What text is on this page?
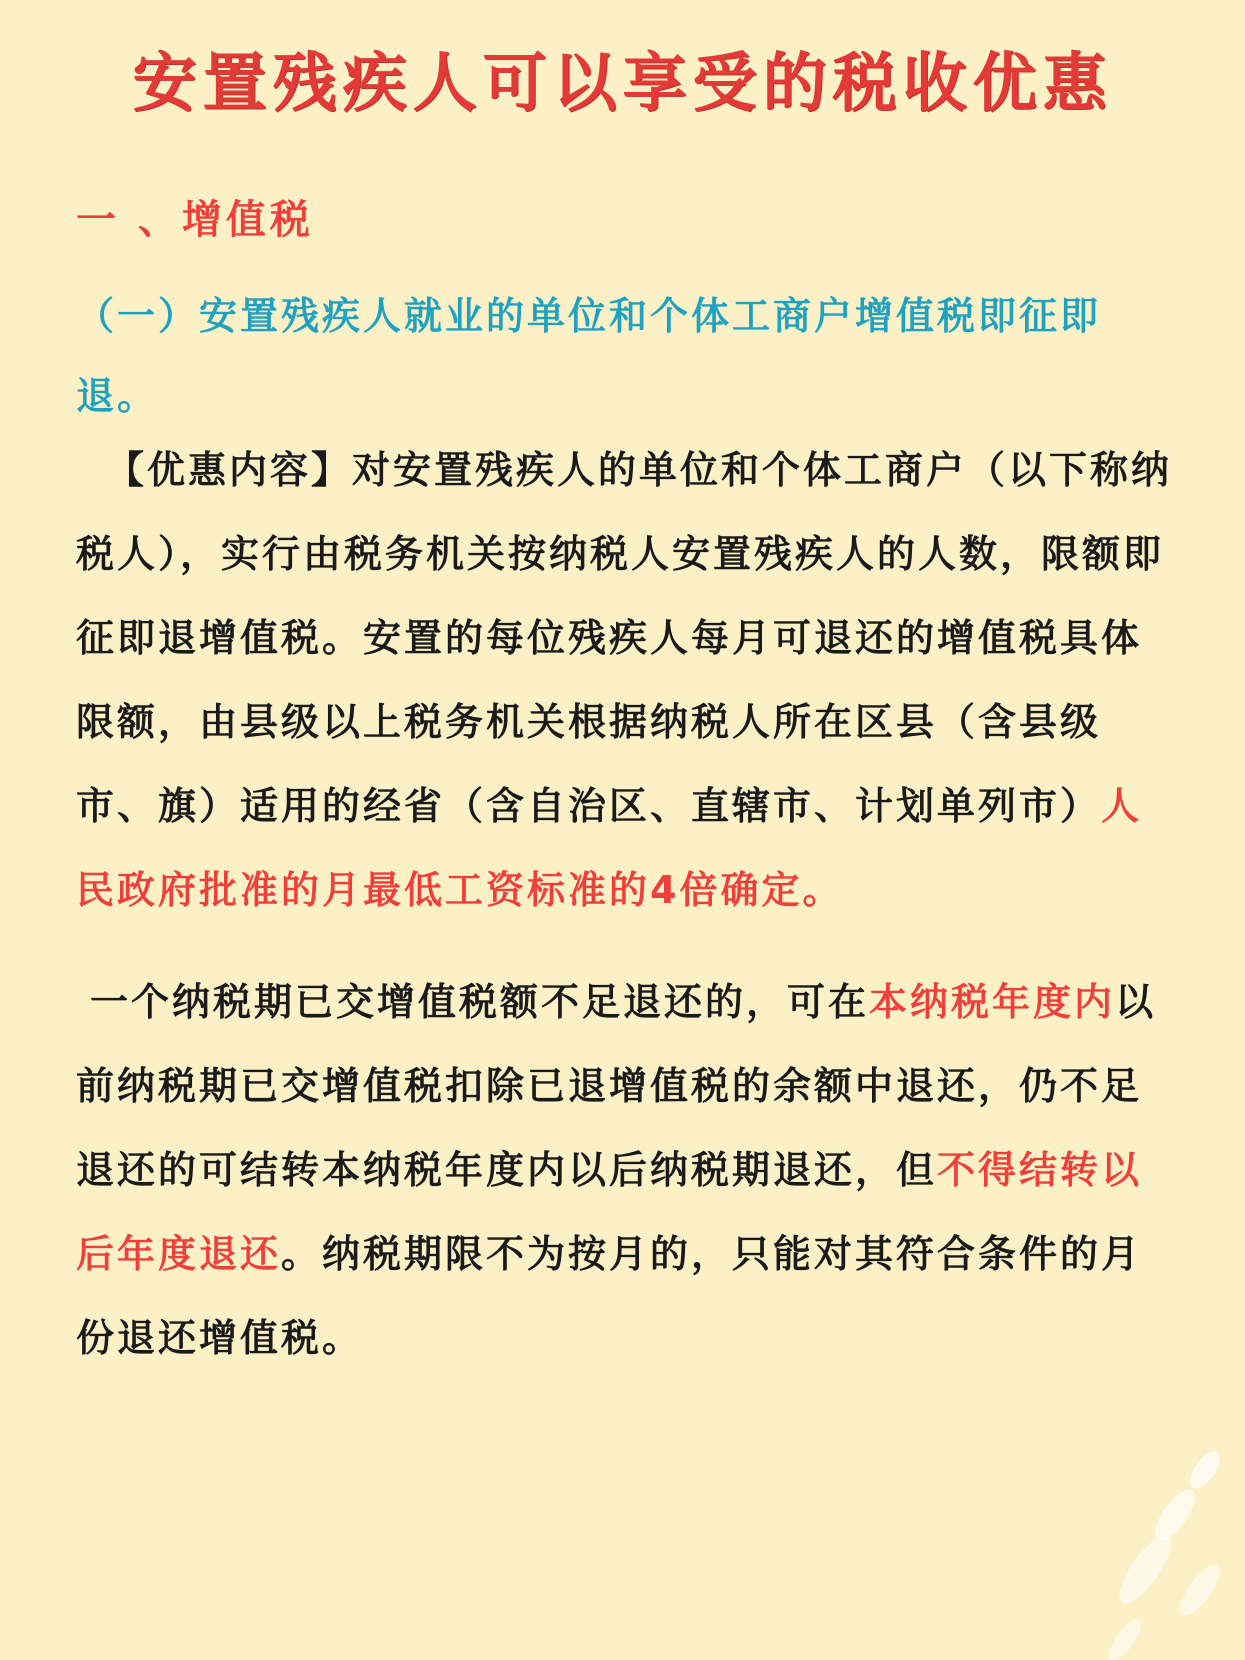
安置残疾人可以享受的税收优惠
一 、增值税
（一）安置残疾人就业的单位和个体工商户增值税即征即退。
【优惠内容】对安置残疾人的单位和个体工商户（以下称纳税人），实行由税务机关按纳税人安置残疾人的人数，限额即征即退增值税。安置的每位残疾人每月可退还的增值税具体限额，由县级以上税务机关根据纳税人所在区县（含县级市、旗）适用的经省（含自治区、直辖市、计划单列市）人民政府批准的月最低工资标准的4倍确定。
一个纳税期已交增值税额不足退还的，可在本纳税年度内以前纳税期已交增值税扣除已退增值税的余额中退还，仍不足退还的可结转本纳税年度内以后纳税期退还，但不得结转以后年度退还。纳税期限不为按月的，只能对其符合条件的月份退还增值税。
